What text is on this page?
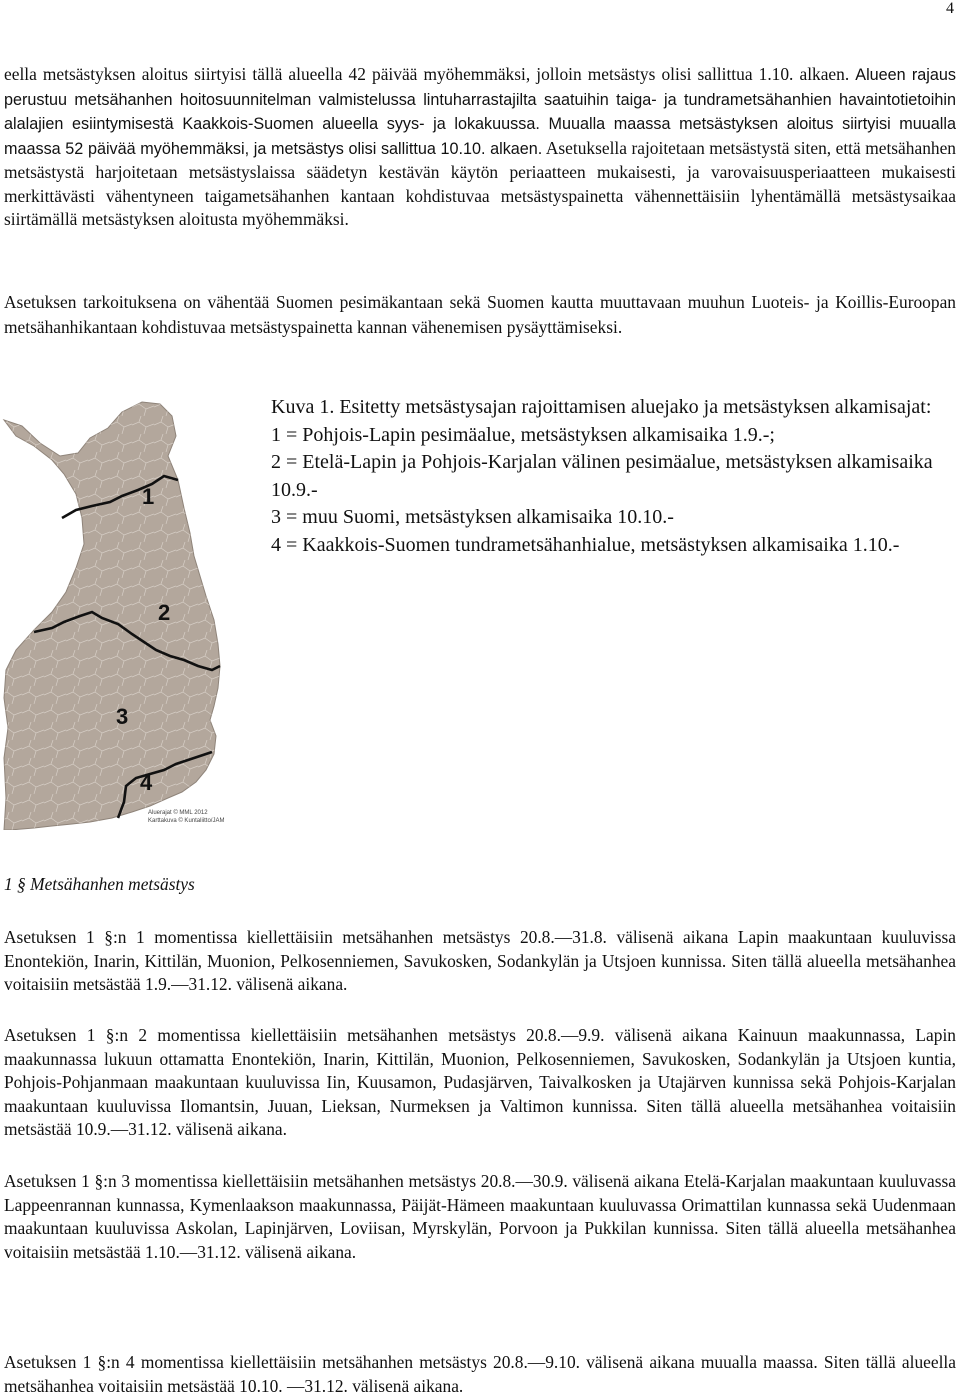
4

eella metsästyksen aloitus siirtyisi tällä alueella 42 päivää myöhemmäksi, jolloin metsästys olisi sallittua 1.10. alkaen. Alueen rajaus perustuu metsähanhen hoitosuunnitelman valmistelussa lintuharrastajilta saatuihin taiga- ja tundrametsähanhien havaintotietoihin alalajien esiintymisestä Kaakkois-Suomen alueella syys- ja lokakuussa. Muualla maassa metsästyksen aloitus siirtyisi muualla maassa 52 päivää myöhemmäksi, ja metsästys olisi sallittua 10.10. alkaen. Asetuksella rajoitetaan metsästystä siten, että metsähanhen metsästystä harjoitetaan metsästyslaissa säädetyn kestävän käytön periaatteen mukaisesti, ja varovaisuusperiaatteen mukaisesti merkittävästi vähentyneen taigametsähanhen kantaan kohdistuvaa metsästyspainetta vähennettäisiin lyhentämällä metsästysaikaa siirtämällä metsästyksen aloitusta myöhemmäksi.

Asetuksen tarkoituksena on vähentää Suomen pesimäkantaan sekä Suomen kautta muuttavaan muuhun Luoteis- ja Koillis-Euroopan metsähanhikantaan kohdistuvaa metsästyspainetta kannan vähenemisen pysäyttämiseksi.

1
2
3
4
Aluerajat © MML 2012
Karttakuva © Kuntaliitto/JAM
Kuva 1. Esitetty metsästysajan rajoittamisen aluejako ja metsästyksen alkamisajat:
1 = Pohjois-Lapin pesimäalue, metsästyksen alkamisaika 1.9.-;
2 = Etelä-Lapin ja Pohjois-Karjalan välinen pesimäalue, metsästyksen alkamisaika 10.9.-
3 = muu Suomi, metsästyksen alkamisaika 10.10.-
4 = Kaakkois-Suomen tundrametsähanhialue, metsästyksen alkamisaika 1.10.-
1 § Metsähanhen metsästys

Asetuksen 1 §:n 1 momentissa kiellettäisiin metsähanhen metsästys 20.8.—31.8. välisenä aikana Lapin maakuntaan kuuluvissa Enontekiön, Inarin, Kittilän, Muonion, Pelkosenniemen, Savukosken, Sodankylän ja Utsjoen kunnissa. Siten tällä alueella metsähanhea voitaisiin metsästää 1.9.—31.12. välisenä aikana.

Asetuksen 1 §:n 2 momentissa kiellettäisiin metsähanhen metsästys 20.8.—9.9. välisenä aikana Kainuun maakunnassa, Lapin maakunnassa lukuun ottamatta Enontekiön, Inarin, Kittilän, Muonion, Pelkosenniemen, Savukosken, Sodankylän ja Utsjoen kuntia, Pohjois-Pohjanmaan maakuntaan kuuluvissa Iin, Kuusamon, Pudasjärven, Taivalkosken ja Utajärven kunnissa sekä Pohjois-Karjalan maakuntaan kuuluvissa Ilomantsin, Juuan, Lieksan, Nurmeksen ja Valtimon kunnissa. Siten tällä alueella metsähanhea voitaisiin metsästää 10.9.—31.12. välisenä aikana.

Asetuksen 1 §:n 3 momentissa kiellettäisiin metsähanhen metsästys 20.8.—30.9. välisenä aikana Etelä-Karjalan maakuntaan kuuluvassa Lappeenrannan kunnassa, Kymenlaakson maakunnassa, Päijät-Hämeen maakuntaan kuuluvassa Orimattilan kunnassa sekä Uudenmaan maakuntaan kuuluvissa Askolan, Lapinjärven, Loviisan, Myrskylän, Porvoon ja Pukkilan kunnissa. Siten tällä alueella metsähanhea voitaisiin metsästää 1.10.—31.12. välisenä aikana.

Asetuksen 1 §:n 4 momentissa kiellettäisiin metsähanhen metsästys 20.8.—9.10. välisenä aikana muualla maassa. Siten tällä alueella metsähanhea voitaisiin metsästää 10.10. —31.12. välisenä aikana.
